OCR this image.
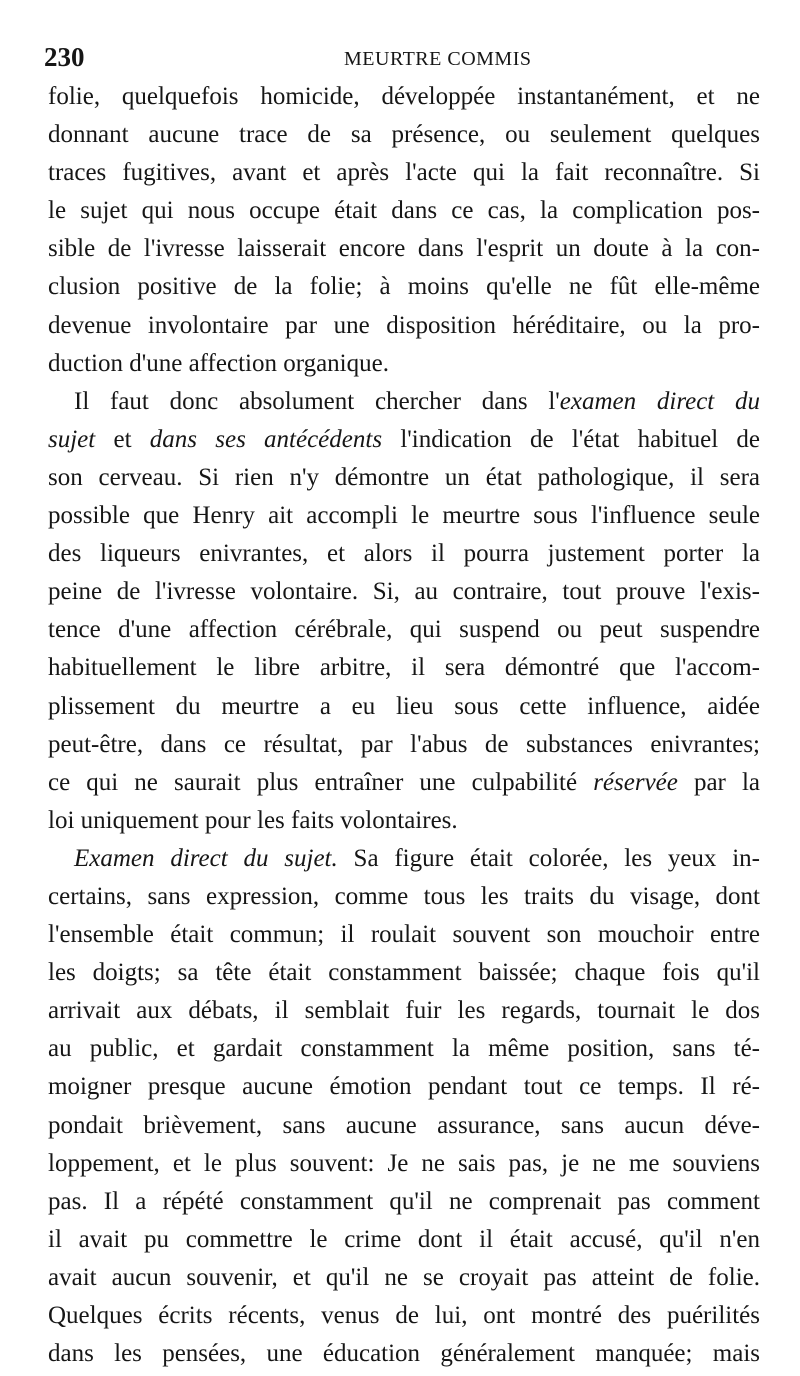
230	MEURTRE COMMIS
folie, quelquefois homicide, développée instantanément, et ne
donnant aucune trace de sa présence, ou seulement quelques
traces fugitives, avant et après l'acte qui la fait reconnaître. Si
le sujet qui nous occupe était dans ce cas, la complication pos-
sible de l'ivresse laisserait encore dans l'esprit un doute à la con-
clusion positive de la folie; à moins qu'elle ne fût elle-même
devenue involontaire par une disposition héréditaire, ou la pro-
duction d'une affection organique.
Il faut donc absolument chercher dans l'examen direct du
sujet et dans ses antécédents l'indication de l'état habituel de
son cerveau. Si rien n'y démontre un état pathologique, il sera
possible que Henry ait accompli le meurtre sous l'influence seule
des liqueurs enivrantes, et alors il pourra justement porter la
peine de l'ivresse volontaire. Si, au contraire, tout prouve l'exis-
tence d'une affection cérébrale, qui suspend ou peut suspendre
habituellement le libre arbitre, il sera démontré que l'accom-
plissement du meurtre a eu lieu sous cette influence, aidée
peut-être, dans ce résultat, par l'abus de substances enivrantes;
ce qui ne saurait plus entraîner une culpabilité réservée par la
loi uniquement pour les faits volontaires.
Examen direct du sujet. Sa figure était colorée, les yeux in-
certains, sans expression, comme tous les traits du visage, dont
l'ensemble était commun; il roulait souvent son mouchoir entre
les doigts; sa tête était constamment baissée; chaque fois qu'il
arrivait aux débats, il semblait fuir les regards, tournait le dos
au public, et gardait constamment la même position, sans té-
moigner presque aucune émotion pendant tout ce temps. Il ré-
pondait brièvement, sans aucune assurance, sans aucun déve-
loppement, et le plus souvent: Je ne sais pas, je ne me souviens
pas. Il a répété constamment qu'il ne comprenait pas comment
il avait pu commettre le crime dont il était accusé, qu'il n'en
avait aucun souvenir, et qu'il ne se croyait pas atteint de folie.
Quelques écrits récents, venus de lui, ont montré des puérilités
dans les pensées, une éducation généralement manquée; mais
